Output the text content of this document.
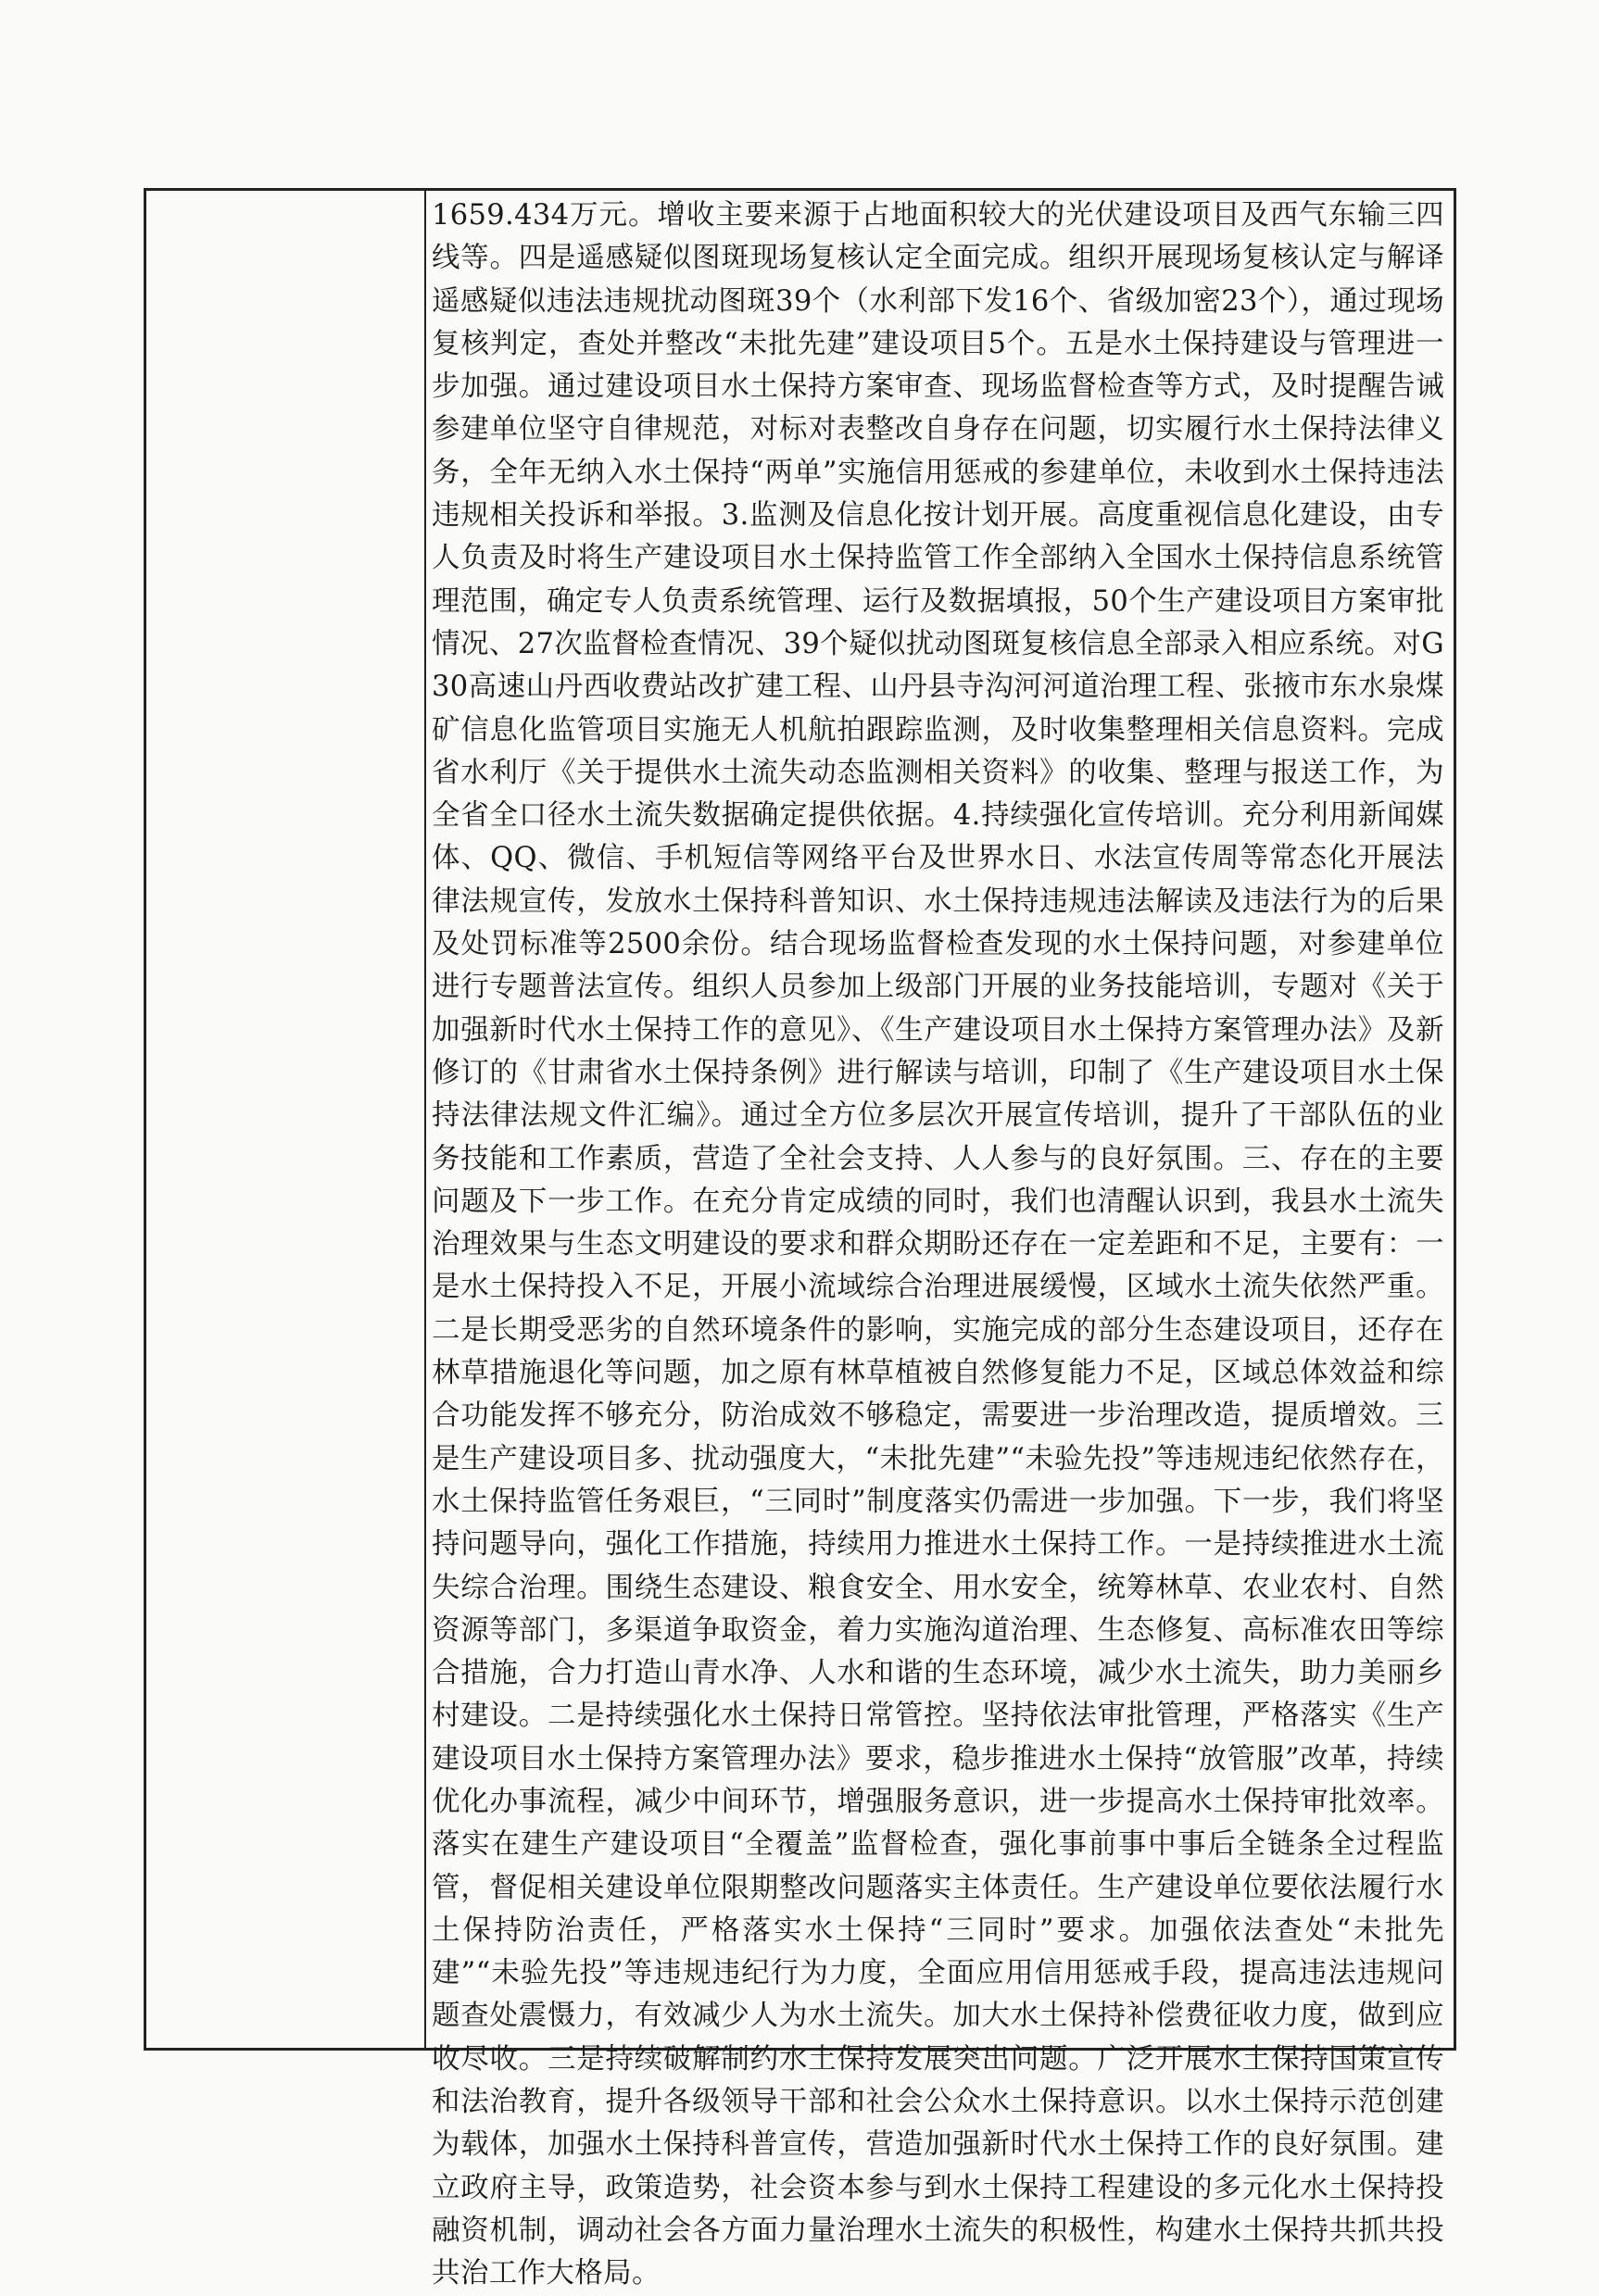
1659.434万元。增收主要来源于占地面积较大的光伏建设项目及西气东输三四线等。四是遥感疑似图斑现场复核认定全面完成。组织开展现场复核认定与解译遥感疑似违法违规扰动图斑39个（水利部下发16个、省级加密23个），通过现场复核判定，查处并整改“未批先建”建设项目5个。五是水土保持建设与管理进一步加强。通过建设项目水土保持方案审查、现场监督检查等方式，及时提醒告诫参建单位坚守自律规范，对标对表整改自身存在问题，切实履行水土保持法律义务，全年无纳入水土保持“两单”实施信用惩戒的参建单位，未收到水土保持违法违规相关投诉和举报。3.监测及信息化按计划开展。高度重视信息化建设，由专人负责及时将生产建设项目水土保持监管工作全部纳入全国水土保持信息系统管理范围，确定专人负责系统管理、运行及数据填报，50个生产建设项目方案审批情况、27次监督检查情况、39个疑似扰动图斑复核信息全部录入相应系统。对G30高速山丹西收费站改扩建工程、山丹县寺沟河河道治理工程、张掖市东水泉煤矿信息化监管项目实施无人机航拍跟踪监测，及时收集整理相关信息资料。完成省水利厅《关于提供水土流失动态监测相关资料》的收集、整理与报送工作，为全省全口径水土流失数据确定提供依据。4.持续强化宣传培训。充分利用新闻媒体、QQ、微信、手机短信等网络平台及世界水日、水法宣传周等常态化开展法律法规宣传，发放水土保持科普知识、水土保持违规违法解读及违法行为的后果及处罚标准等2500余份。结合现场监督检查发现的水土保持问题，对参建单位进行专题普法宣传。组织人员参加上级部门开展的业务技能培训，专题对《关于加强新时代水土保持工作的意见》、《生产建设项目水土保持方案管理办法》及新修订的《甘肃省水土保持条例》进行解读与培训，印制了《生产建设项目水土保持法律法规文件汇编》。通过全方位多层次开展宣传培训，提升了干部队伍的业务技能和工作素质，营造了全社会支持、人人参与的良好氛围。三、存在的主要问题及下一步工作。在充分肯定成绩的同时，我们也清醒认识到，我县水土流失治理效果与生态文明建设的要求和群众期盼还存在一定差距和不足，主要有：一是水土保持投入不足，开展小流域综合治理进展缓慢，区域水土流失依然严重。二是长期受恶劣的自然环境条件的影响，实施完成的部分生态建设项目，还存在林草措施退化等问题，加之原有林草植被自然修复能力不足，区域总体效益和综合功能发挥不够充分，防治成效不够稳定，需要进一步治理改造，提质增效。三是生产建设项目多、扰动强度大，“未批先建”“未验先投”等违规违纪依然存在，水土保持监管任务艰巨，“三同时”制度落实仍需进一步加强。下一步，我们将坚持问题导向，强化工作措施，持续用力推进水土保持工作。一是持续推进水土流失综合治理。围绕生态建设、粮食安全、用水安全，统筹林草、农业农村、自然资源等部门，多渠道争取资金，着力实施沟道治理、生态修复、高标准农田等综合措施，合力打造山青水净、人水和谐的生态环境，减少水土流失，助力美丽乡村建设。二是持续强化水土保持日常管控。坚持依法审批管理，严格落实《生产建设项目水土保持方案管理办法》要求，稳步推进水土保持“放管服”改革，持续优化办事流程，减少中间环节，增强服务意识，进一步提高水土保持审批效率。落实在建生产建设项目“全覆盖”监督检查，强化事前事中事后全链条全过程监管，督促相关建设单位限期整改问题落实主体责任。生产建设单位要依法履行水土保持防治责任，严格落实水土保持“三同时”要求。加强依法查处“未批先建”“未验先投”等违规违纪行为力度，全面应用信用惩戒手段，提高违法违规问题查处震慑力，有效减少人为水土流失。加大水土保持补偿费征收力度，做到应收尽收。三是持续破解制约水土保持发展突出问题。广泛开展水土保持国策宣传和法治教育，提升各级领导干部和社会公众水土保持意识。以水土保持示范创建为载体，加强水土保持科普宣传，营造加强新时代水土保持工作的良好氛围。建立政府主导，政策造势，社会资本参与到水土保持工程建设的多元化水土保持投融资机制，调动社会各方面力量治理水土流失的积极性，构建水土保持共抓共投共治工作大格局。
